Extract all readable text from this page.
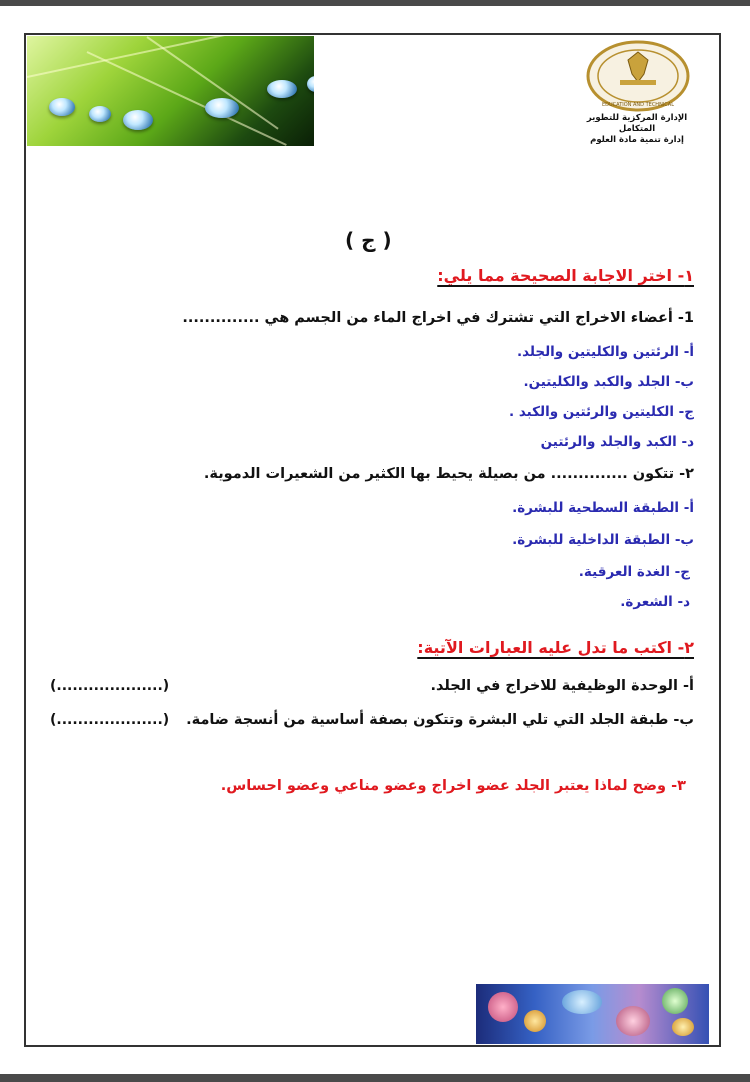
EDUCATION AND TECHNICAL
الإدارة المركزية للتطوير المتكامل
إدارة تنمية مادة العلوم
( ج )
١- اختر الاجابة الصحيحة مما يلي:
1- أعضاء الاخراج التي تشترك في اخراج الماء من الجسم هي ..............
أ- الرئتين والكليتين والجلد.
ب- الجلد والكبد والكليتين.
ج- الكليتين والرئتين والكبد .
د- الكبد والجلد والرئتين
٢- تتكون .............. من بصيلة يحيط بها الكثير من الشعيرات الدموية.
أ- الطبقة السطحية للبشرة.
ب- الطبقة الداخلية للبشرة.
ج- الغدة العرقية.
د- الشعرة.
٢- اكتب ما تدل عليه العبارات الآتية:
أ- الوحدة الوظيفية للاخراج في الجلد.
(....................)
ب- طبقة الجلد التي تلي البشرة وتتكون بصفة أساسية من أنسجة ضامة.
(....................)
٣- وضح لماذا يعتبر الجلد عضو اخراج وعضو مناعي وعضو احساس.
